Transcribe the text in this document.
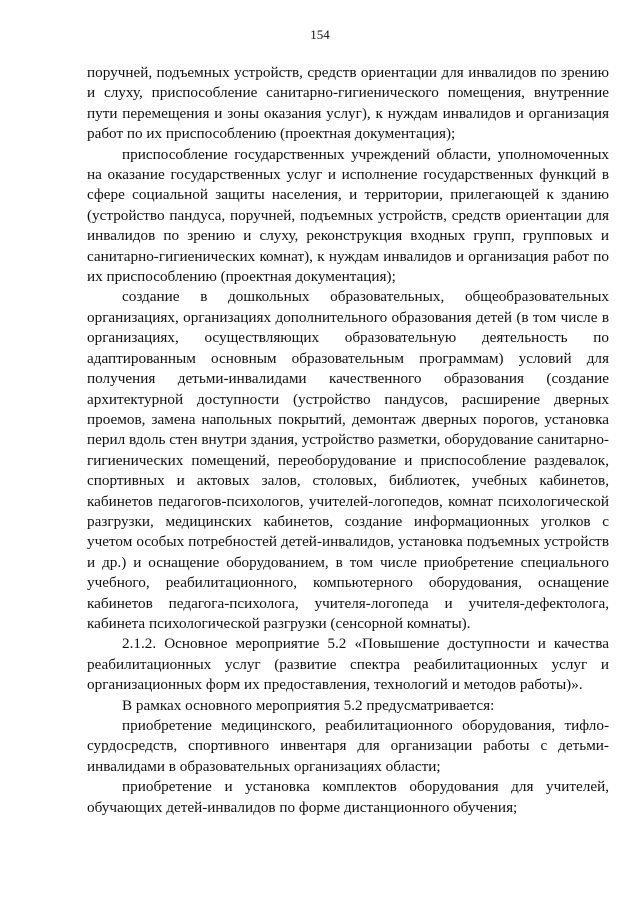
154

поручней, подъемных устройств, средств ориентации для инвалидов по зрению и слуху, приспособление санитарно-гигиенического помещения, внутренние пути перемещения и зоны оказания услуг), к нуждам инвалидов и организация работ по их приспособлению (проектная документация);

приспособление государственных учреждений области, уполномоченных на оказание государственных услуг и исполнение государственных функций в сфере социальной защиты населения, и территории, прилегающей к зданию (устройство пандуса, поручней, подъемных устройств, средств ориентации для инвалидов по зрению и слуху, реконструкция входных групп, групповых и санитарно-гигиенических комнат), к нуждам инвалидов и организация работ по их приспособлению (проектная документация);

создание в дошкольных образовательных, общеобразовательных организациях, организациях дополнительного образования детей (в том числе в организациях, осуществляющих образовательную деятельность по адаптированным основным образовательным программам) условий для получения детьми-инвалидами качественного образования (создание архитектурной доступности (устройство пандусов, расширение дверных проемов, замена напольных покрытий, демонтаж дверных порогов, установка перил вдоль стен внутри здания, устройство разметки, оборудование санитарно-гигиенических помещений, переоборудование и приспособление раздевалок, спортивных и актовых залов, столовых, библиотек, учебных кабинетов, кабинетов педагогов-психологов, учителей-логопедов, комнат психологической разгрузки, медицинских кабинетов, создание информационных уголков с учетом особых потребностей детей-инвалидов, установка подъемных устройств и др.) и оснащение оборудованием, в том числе приобретение специального учебного, реабилитационного, компьютерного оборудования, оснащение кабинетов педагога-психолога, учителя-логопеда и учителя-дефектолога, кабинета психологической разгрузки (сенсорной комнаты).

2.1.2. Основное мероприятие 5.2 «Повышение доступности и качества реабилитационных услуг (развитие спектра реабилитационных услуг и организационных форм их предоставления, технологий и методов работы)».

В рамках основного мероприятия 5.2 предусматривается:

приобретение медицинского, реабилитационного оборудования, тифло- сурдосредств, спортивного инвентаря для организации работы с детьми-инвалидами в образовательных организациях области;

приобретение и установка комплектов оборудования для учителей, обучающих детей-инвалидов по форме дистанционного обучения;
